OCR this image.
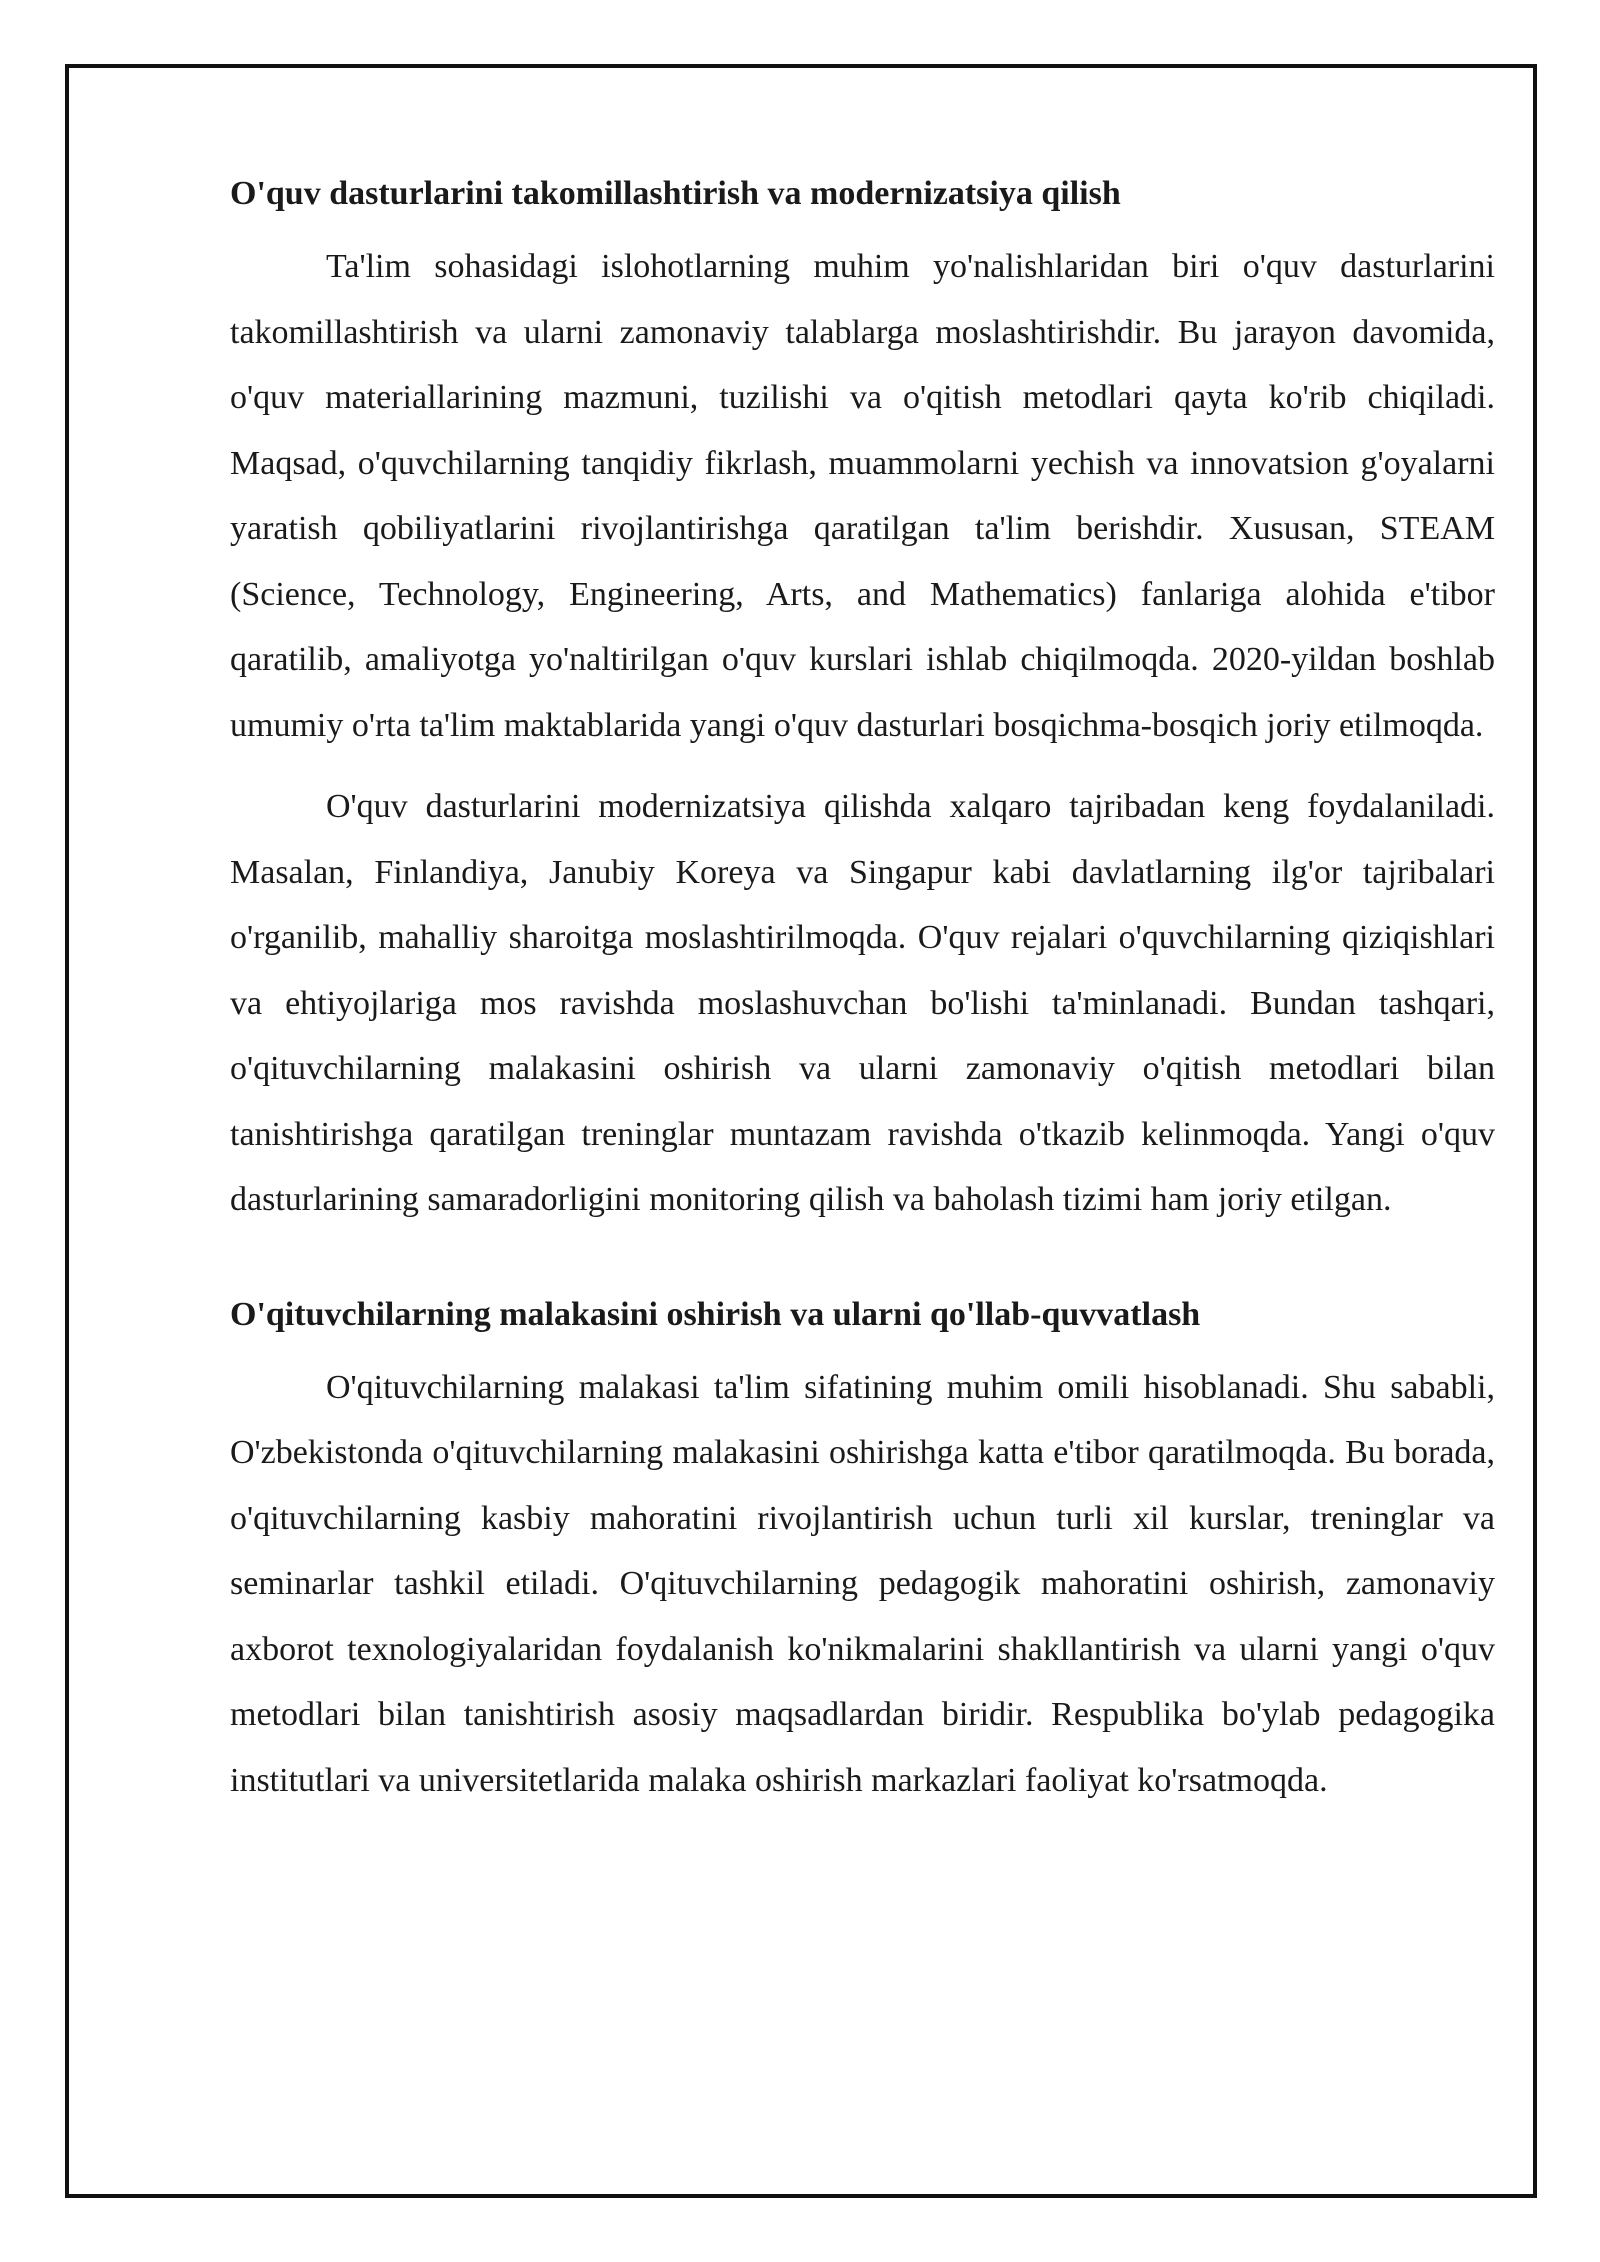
O'quv dasturlarini takomillashtirish va modernizatsiya qilish

Ta'lim sohasidagi islohotlarning muhim yo'nalishlaridan biri o'quv dasturlarini takomillashtirish va ularni zamonaviy talablarga moslashtirishdir. Bu jarayon davomida, o'quv materiallarining mazmuni, tuzilishi va o'qitish metodlari qayta ko'rib chiqiladi. Maqsad, o'quvchilarning tanqidiy fikrlash, muammolarni yechish va innovatsion g'oyalarni yaratish qobiliyatlarini rivojlantirishga qaratilgan ta'lim berishdir. Xususan, STEAM (Science, Technology, Engineering, Arts, and Mathematics) fanlariga alohida e'tibor qaratilib, amaliyotga yo'naltirilgan o'quv kurslari ishlab chiqilmoqda. 2020-yildan boshlab umumiy o'rta ta'lim maktablarida yangi o'quv dasturlari bosqichma-bosqich joriy etilmoqda.

O'quv dasturlarini modernizatsiya qilishda xalqaro tajribadan keng foydalaniladi. Masalan, Finlandiya, Janubiy Koreya va Singapur kabi davlatlarning ilg'or tajribalari o'rganilib, mahalliy sharoitga moslashtirilmoqda. O'quv rejalari o'quvchilarning qiziqishlari va ehtiyojlariga mos ravishda moslashuvchan bo'lishi ta'minlanadi. Bundan tashqari, o'qituvchilarning malakasini oshirish va ularni zamonaviy o'qitish metodlari bilan tanishtirishga qaratilgan treninglar muntazam ravishda o'tkazib kelinmoqda. Yangi o'quv dasturlarining samaradorligini monitoring qilish va baholash tizimi ham joriy etilgan.

O'qituvchilarning malakasini oshirish va ularni qo'llab-quvvatlash

O'qituvchilarning malakasi ta'lim sifatining muhim omili hisoblanadi. Shu sababli, O'zbekistonda o'qituvchilarning malakasini oshirishga katta e'tibor qaratilmoqda. Bu borada, o'qituvchilarning kasbiy mahoratini rivojlantirish uchun turli xil kurslar, treninglar va seminarlar tashkil etiladi. O'qituvchilarning pedagogik mahoratini oshirish, zamonaviy axborot texnologiyalaridan foydalanish ko'nikmalarini shakllantirish va ularni yangi o'quv metodlari bilan tanishtirish asosiy maqsadlardan biridir. Respublika bo'ylab pedagogika institutlari va universitetlarida malaka oshirish markazlari faoliyat ko'rsatmoqda.
